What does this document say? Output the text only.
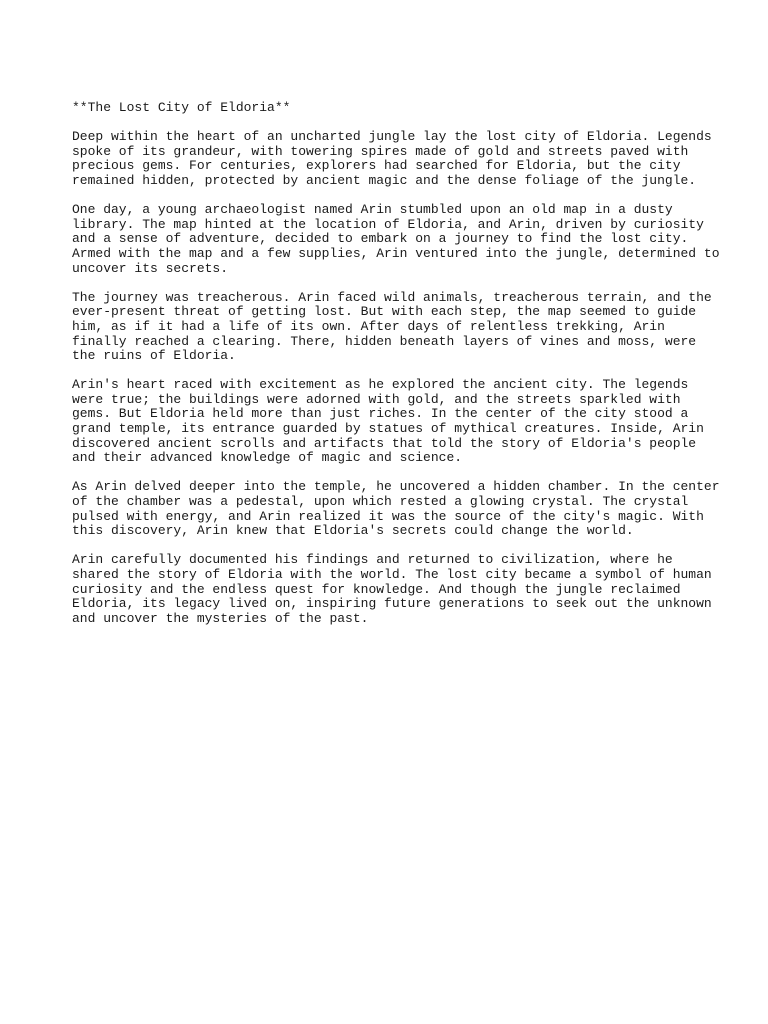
**The Lost City of Eldoria**

Deep within the heart of an uncharted jungle lay the lost city of Eldoria. Legends
spoke of its grandeur, with towering spires made of gold and streets paved with
precious gems. For centuries, explorers had searched for Eldoria, but the city
remained hidden, protected by ancient magic and the dense foliage of the jungle.

One day, a young archaeologist named Arin stumbled upon an old map in a dusty
library. The map hinted at the location of Eldoria, and Arin, driven by curiosity
and a sense of adventure, decided to embark on a journey to find the lost city.
Armed with the map and a few supplies, Arin ventured into the jungle, determined to
uncover its secrets.

The journey was treacherous. Arin faced wild animals, treacherous terrain, and the
ever-present threat of getting lost. But with each step, the map seemed to guide
him, as if it had a life of its own. After days of relentless trekking, Arin
finally reached a clearing. There, hidden beneath layers of vines and moss, were
the ruins of Eldoria.

Arin's heart raced with excitement as he explored the ancient city. The legends
were true; the buildings were adorned with gold, and the streets sparkled with
gems. But Eldoria held more than just riches. In the center of the city stood a
grand temple, its entrance guarded by statues of mythical creatures. Inside, Arin
discovered ancient scrolls and artifacts that told the story of Eldoria's people
and their advanced knowledge of magic and science.

As Arin delved deeper into the temple, he uncovered a hidden chamber. In the center
of the chamber was a pedestal, upon which rested a glowing crystal. The crystal
pulsed with energy, and Arin realized it was the source of the city's magic. With
this discovery, Arin knew that Eldoria's secrets could change the world.

Arin carefully documented his findings and returned to civilization, where he
shared the story of Eldoria with the world. The lost city became a symbol of human
curiosity and the endless quest for knowledge. And though the jungle reclaimed
Eldoria, its legacy lived on, inspiring future generations to seek out the unknown
and uncover the mysteries of the past.
